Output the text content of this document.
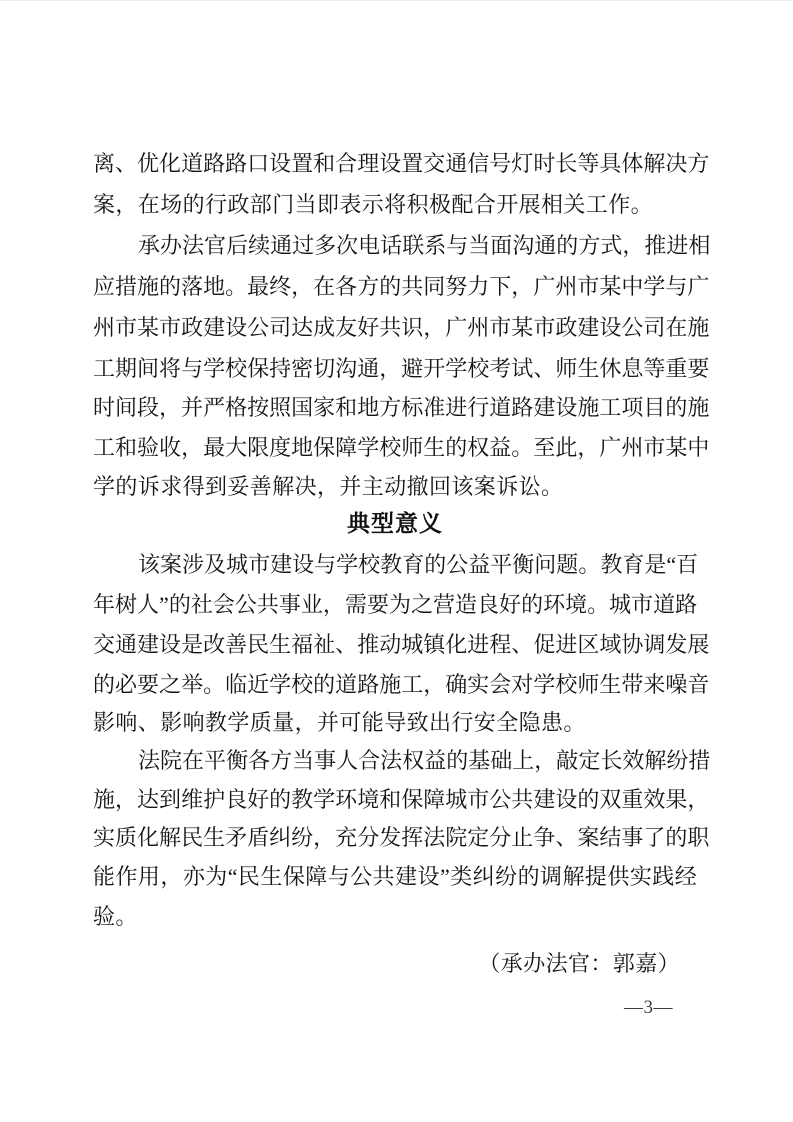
离 、 优 化 道 路 路 口 设 置 和 合 理 设 置 交 通 信 号 灯 时 长 等 具 体 解 决 方
案，在场的行政部门当即表示将积极配合开展相关工作。
承 办 法 官 后 续 通 过 多 次 电 话 联 系 与 当 面 沟 通 的 方 式 ， 推 进 相
应 措 施 的 落 地 。 最 终 ， 在 各 方 的 共 同 努 力 下 ， 广 州 市 某 中 学 与 广
州 市 某 市 政 建 设 公 司 达 成 友 好 共 识 ， 广 州 市 某 市 政 建 设 公 司 在 施
工 期 间 将 与 学 校 保 持 密 切 沟 通 ， 避 开 学 校 考 试 、 师 生 休 息 等 重 要
时 间 段 ， 并 严 格 按 照 国 家 和 地 方 标 准 进 行 道 路 建 设 施 工 项 目 的 施
工 和 验 收 ， 最 大 限 度 地 保 障 学 校 师 生 的 权 益 。 至 此 ， 广 州 市 某 中
学的诉求得到妥善解决，并主动撤回该案诉讼。
典型意义
该 案 涉 及 城 市 建 设 与 学 校 教 育 的 公 益 平 衡 问 题 。 教 育 是 “ 百
年 树 人 ” 的 社 会 公 共 事 业 ， 需 要 为 之 营 造 良 好 的 环 境 。 城 市 道 路
交 通 建 设 是 改 善 民 生 福 祉 、 推 动 城 镇 化 进 程 、 促 进 区 域 协 调 发 展
的 必 要 之 举 。 临 近 学 校 的 道 路 施 工 ， 确 实 会 对 学 校 师 生 带 来 噪 音
影响、影响教学质量，并可能导致出行安全隐患。
法 院 在 平 衡 各 方 当 事 人 合 法 权 益 的 基 础 上 ， 敲 定 长 效 解 纷 措
施 ， 达 到 维 护 良 好 的 教 学 环 境 和 保 障 城 市 公 共 建 设 的 双 重 效 果 ，
实 质 化 解 民 生 矛 盾 纠 纷 ， 充 分 发 挥 法 院 定 分 止 争 、 案 结 事 了 的 职
能 作 用 ， 亦 为 “ 民 生 保 障 与 公 共 建 设 ” 类 纠 纷 的 调 解 提 供 实 践 经
验。
（承办法官：郭嘉）
—3—
